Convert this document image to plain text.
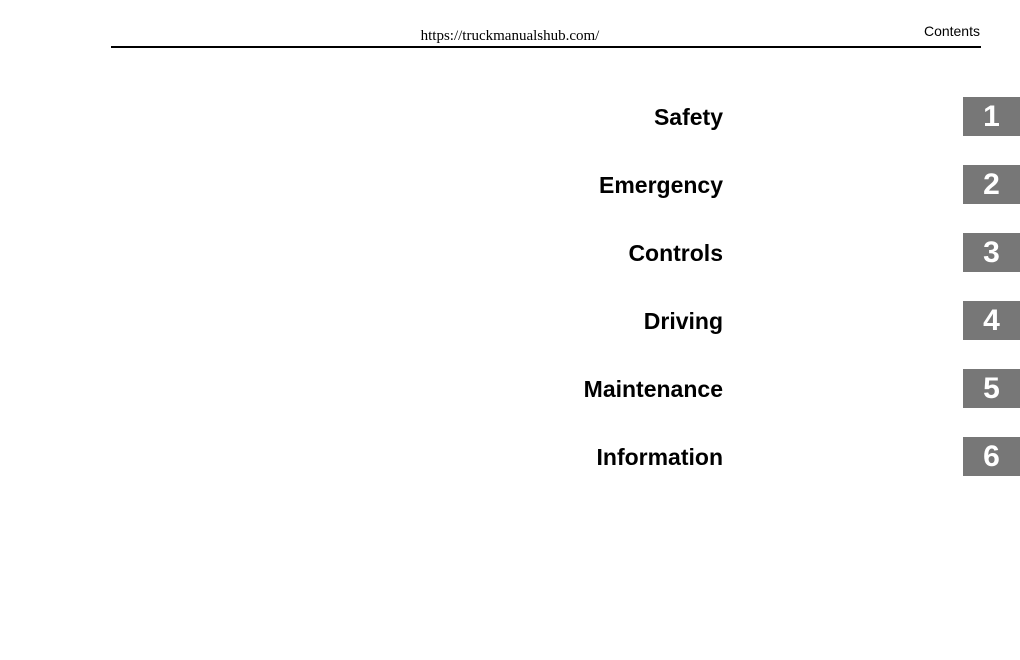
https://truckmanualshub.com/	Contents
Safety	1
Emergency	2
Controls	3
Driving	4
Maintenance	5
Information	6
